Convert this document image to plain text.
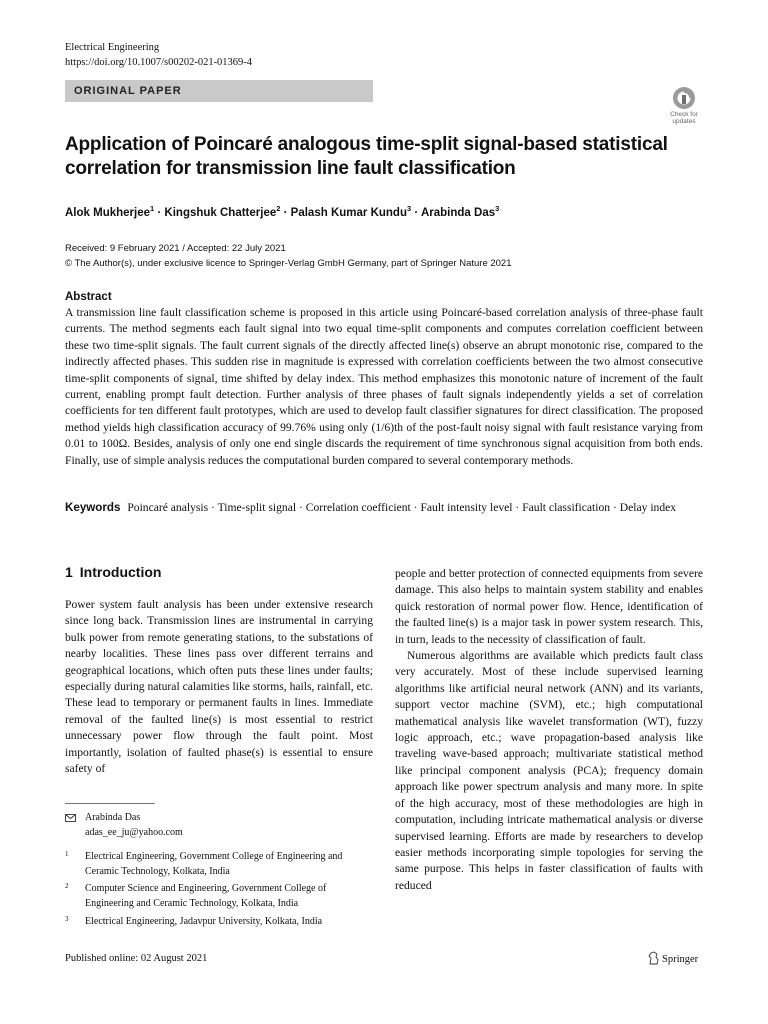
Electrical Engineering
https://doi.org/10.1007/s00202-021-01369-4
ORIGINAL PAPER
Check for
updates
Application of Poincaré analogous time-split signal-based statistical correlation for transmission line fault classification
Alok Mukherjee$^1$ · Kingshuk Chatterjee$^2$ · Palash Kumar Kundu$^3$ · Arabinda Das$^3$
Received: 9 February 2021 / Accepted: 22 July 2021
© The Author(s), under exclusive licence to Springer-Verlag GmbH Germany, part of Springer Nature 2021
Abstract
A transmission line fault classification scheme is proposed in this article using Poincaré-based correlation analysis of three-phase fault currents. The method segments each fault signal into two equal time-split components and computes correlation coefficient between these two time-split signals. The fault current signals of the directly affected line(s) observe an abrupt monotonic rise, compared to the indirectly affected phases. This sudden rise in magnitude is expressed with correlation coefficients between the two almost consecutive time-split components of signal, time shifted by delay index. This method emphasizes this monotonic nature of increment of the fault current, enabling prompt fault detection. Further analysis of three phases of fault signals independently yields a set of correlation coefficients for ten different fault prototypes, which are used to develop fault classifier signatures for direct classification. The proposed method yields high classification accuracy of 99.76% using only (1/6)th of the post-fault noisy signal with fault resistance varying from 0.01 to 100Ω. Besides, analysis of only one end single discards the requirement of time synchronous signal acquisition from both ends. Finally, use of simple analysis reduces the computational burden compared to several contemporary methods.
Keywords Poincaré analysis · Time-split signal · Correlation coefficient · Fault intensity level · Fault classification · Delay index
1 Introduction

Power system fault analysis has been under extensive research since long back. Transmission lines are instrumental in carrying bulk power from remote generating stations, to the substations of nearby localities. These lines pass over different terrains and geographical locations, which often puts these lines under faults; especially during natural calamities like storms, hails, rainfall, etc. These lead to temporary or permanent faults in lines. Immediate removal of the faulted line(s) is most essential to restrict unnecessary power flow through the fault point. Most importantly, isolation of faulted phase(s) is essential to ensure safety of

people and better protection of connected equipments from severe damage. This also helps to maintain system stability and enables quick restoration of normal power flow. Hence, identification of the faulted line(s) is a major task in power system research. This, in turn, leads to the necessity of classification of fault.

Numerous algorithms are available which predicts fault class very accurately. Most of these include supervised learning algorithms like artificial neural network (ANN) and its variants, support vector machine (SVM), etc.; high computational mathematical analysis like wavelet transformation (WT), fuzzy logic approach, etc.; wave propagation-based analysis like traveling wave-based approach; multivariate statistical method like principal component analysis (PCA); frequency domain approach like power spectrum analysis and many more. In spite of the high accuracy, most of these methodologies are high in computation, including intricate mathematical analysis or diverse supervised learning. Efforts are made by researchers to develop easier methods incorporating simple topologies for serving the same purpose. This helps in faster classification of faults with reduced

Arabinda Das
adas_ee_ju@yahoo.com
1 Electrical Engineering, Government College of Engineering and Ceramic Technology, Kolkata, India
2 Computer Science and Engineering, Government College of Engineering and Ceramic Technology, Kolkata, India
3 Electrical Engineering, Jadavpur University, Kolkata, India
Published online: 02 August 2021	Springer
